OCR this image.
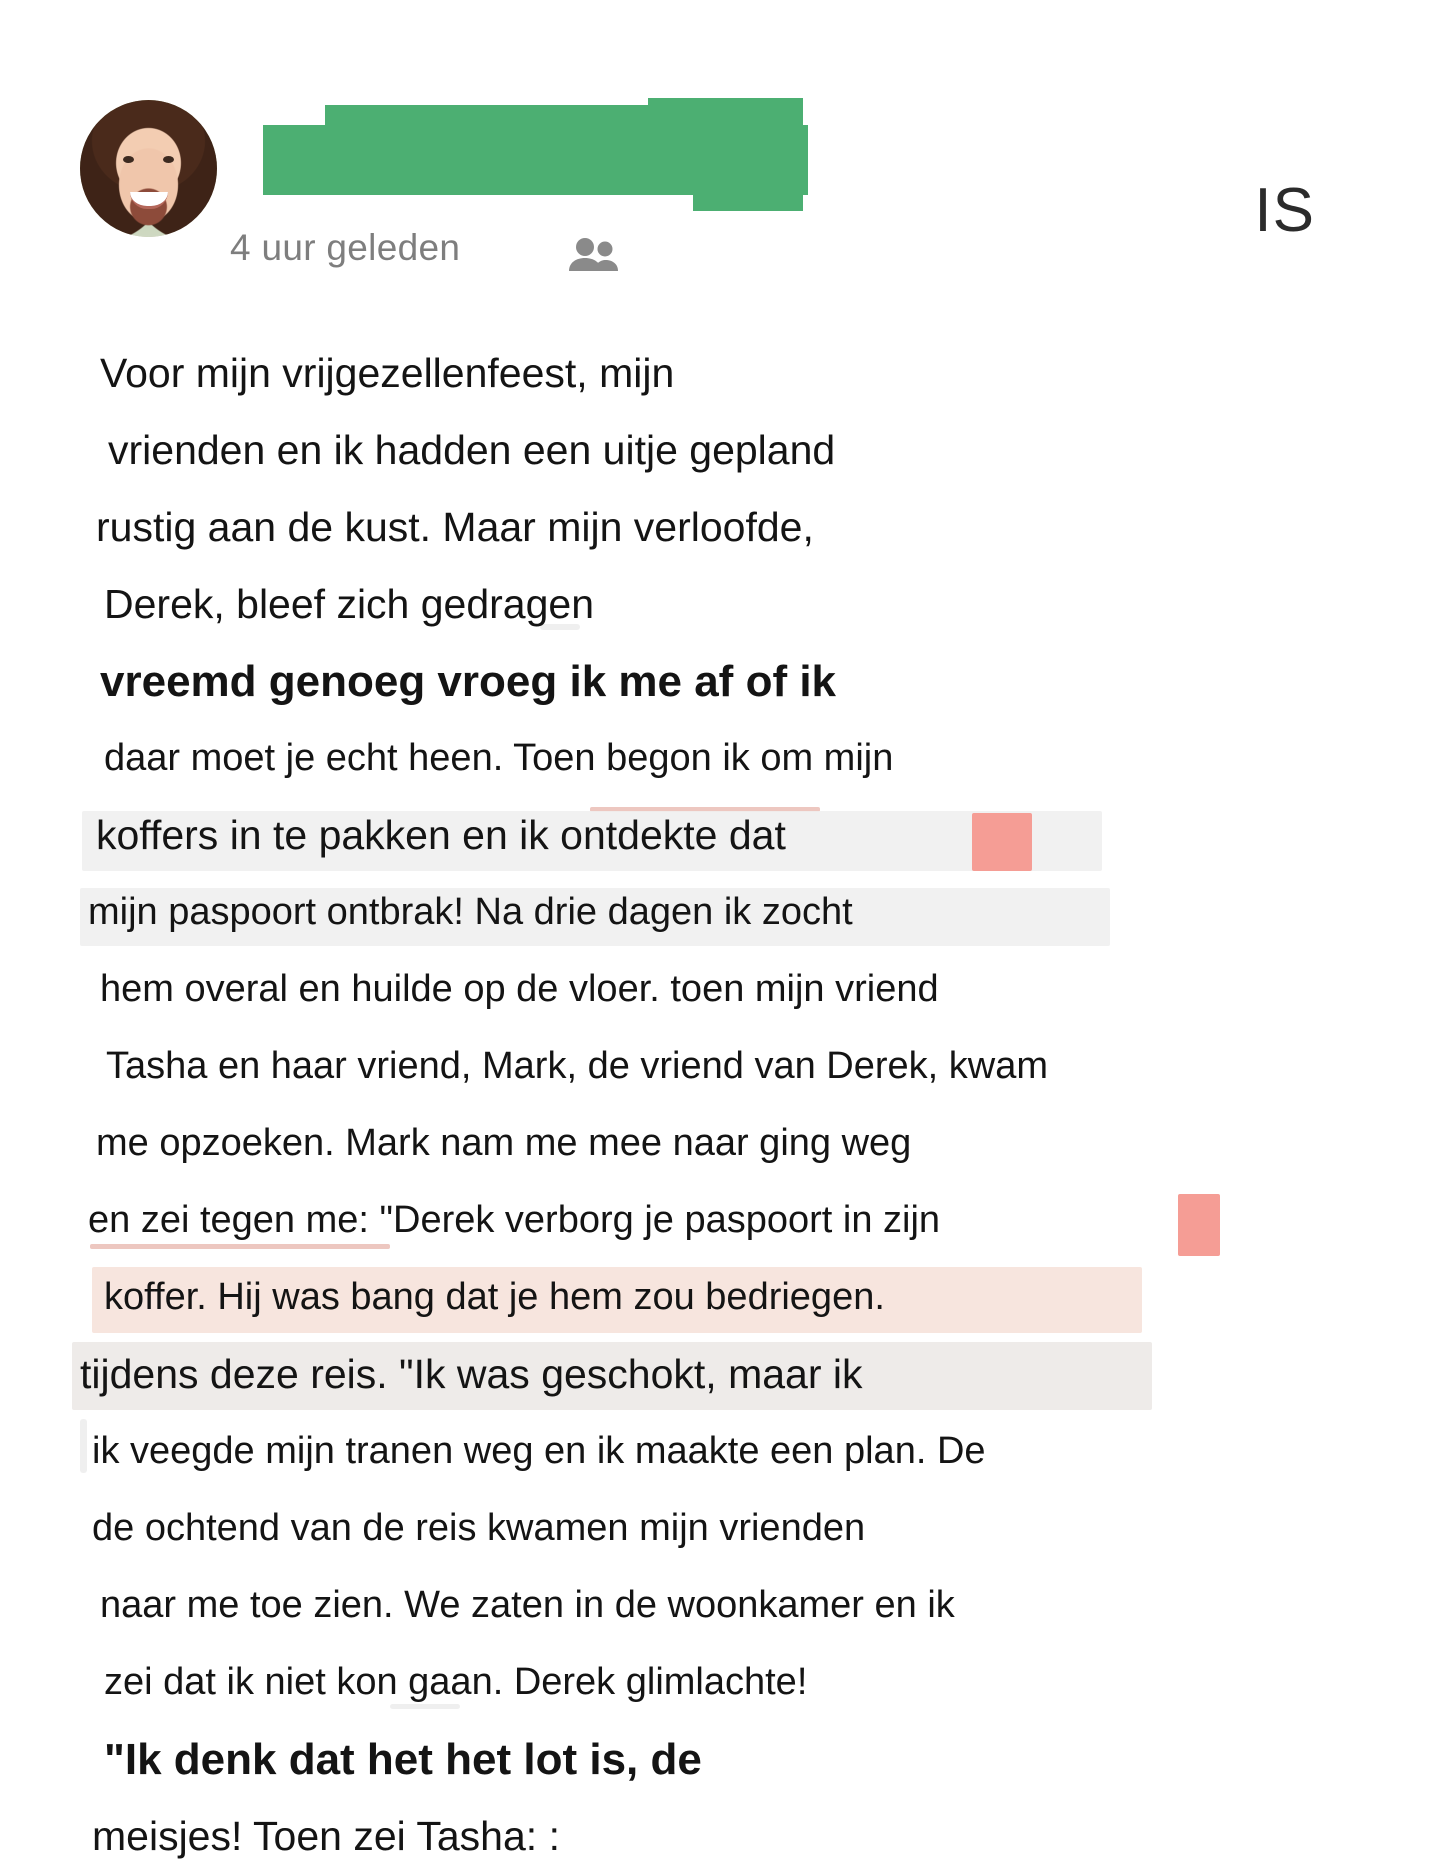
4 uur geleden
IS
Voor mijn vrijgezellenfeest, mijn
vrienden en ik hadden een uitje gepland
rustig aan de kust. Maar mijn verloofde,
Derek, bleef zich gedragen
vreemd genoeg vroeg ik me af of ik
daar moet je echt heen. Toen begon ik om mijn
koffers in te pakken en ik ontdekte dat
mijn paspoort ontbrak! Na drie dagen ik zocht
hem overal en huilde op de vloer. toen mijn vriend
Tasha en haar vriend, Mark, de vriend van Derek, kwam
me opzoeken. Mark nam me mee naar ging weg
en zei tegen me: "Derek verborg je paspoort in zijn
koffer. Hij was bang dat je hem zou bedriegen.
tijdens deze reis. "Ik was geschokt, maar ik
ik veegde mijn tranen weg en ik maakte een plan. De
de ochtend van de reis kwamen mijn vrienden
naar me toe zien. We zaten in de woonkamer en ik
zei dat ik niet kon gaan. Derek glimlachte!
"Ik denk dat het het lot is, de
meisjes! Toen zei Tasha: :
